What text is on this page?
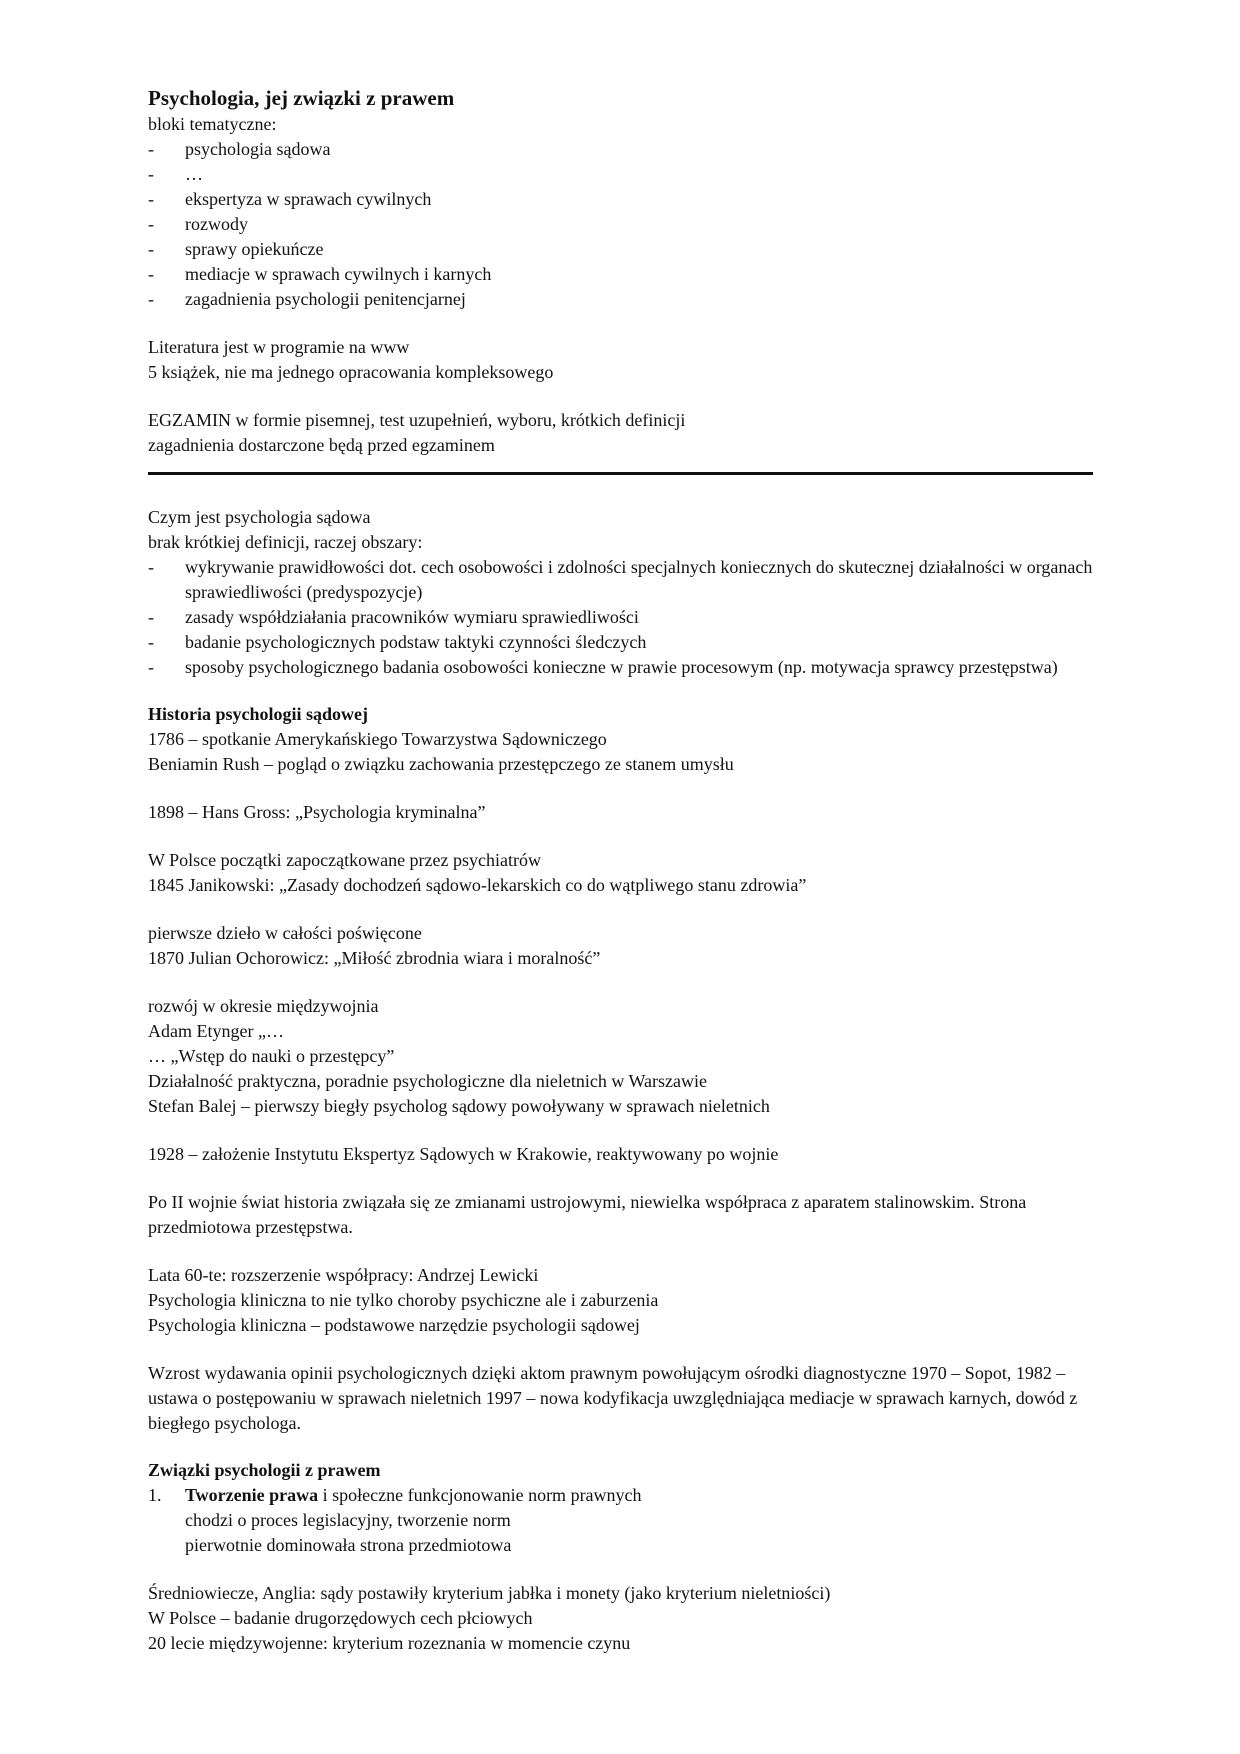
Psychologia, jej związki z prawem
bloki tematyczne:
- psychologia sądowa
- …
- ekspertyza w sprawach cywilnych
- rozwody
- sprawy opiekuńcze
- mediacje w sprawach cywilnych i karnych
- zagadnienia psychologii penitencjarnej
Literatura jest w programie na www
5 książek, nie ma jednego opracowania kompleksowego
EGZAMIN w formie pisemnej, test uzupełnień, wyboru, krótkich definicji
zagadnienia dostarczone będą przed egzaminem
Czym jest psychologia sądowa
brak krótkiej definicji, raczej obszary:
- wykrywanie prawidłowości dot. cech osobowości i zdolności specjalnych koniecznych do skutecznej działalności w organach sprawiedliwości (predyspozycje)
- zasady współdziałania pracowników wymiaru sprawiedliwości
- badanie psychologicznych podstaw taktyki czynności śledczych
- sposoby psychologicznego badania osobowości konieczne w prawie procesowym (np. motywacja sprawcy przestępstwa)
Historia psychologii sądowej
1786 – spotkanie Amerykańskiego Towarzystwa Sądowniczego
Beniamin Rush – pogląd o związku zachowania przestępczego ze stanem umysłu
1898 – Hans Gross: „Psychologia kryminalna”
W Polsce początki zapoczątkowane przez psychiatrów
1845 Janikowski: „Zasady dochodzeń sądowo-lekarskich co do wątpliwego stanu zdrowia”
pierwsze dzieło w całości poświęcone
1870 Julian Ochorowicz: „Miłość zbrodnia wiara i moralność”
rozwój w okresie międzywojnia
Adam Etynger „…
… „Wstęp do nauki o przestępcy”
Działalność praktyczna, poradnie psychologiczne dla nieletnich w Warszawie
Stefan Balej – pierwszy biegły psycholog sądowy powoływany w sprawach nieletnich
1928 – założenie Instytutu Ekspertyz Sądowych w Krakowie, reaktywowany po wojnie
Po II wojnie świat historia związała się ze zmianami ustrojowymi, niewielka współpraca z aparatem stalinowskim. Strona przedmiotowa przestępstwa.
Lata 60-te: rozszerzenie współpracy: Andrzej Lewicki
Psychologia kliniczna to nie tylko choroby psychiczne ale i zaburzenia
Psychologia kliniczna – podstawowe narzędzie psychologii sądowej
Wzrost wydawania opinii psychologicznych dzięki aktom prawnym powołującym ośrodki diagnostyczne 1970 – Sopot, 1982 – ustawa o postępowaniu w sprawach nieletnich 1997 – nowa kodyfikacja uwzględniająca mediacje w sprawach karnych, dowód z biegłego psychologa.
Związki psychologii z prawem
1. Tworzenie prawa i społeczne funkcjonowanie norm prawnych
chodzi o proces legislacyjny, tworzenie norm
pierwotnie dominowała strona przedmiotowa
Średniowiecze, Anglia: sądy postawiły kryterium jabłka i monety (jako kryterium nieletniości)
W Polsce – badanie drugorzędowych cech płciowych
20 lecie międzywojenne: kryterium rozeznania w momencie czynu
